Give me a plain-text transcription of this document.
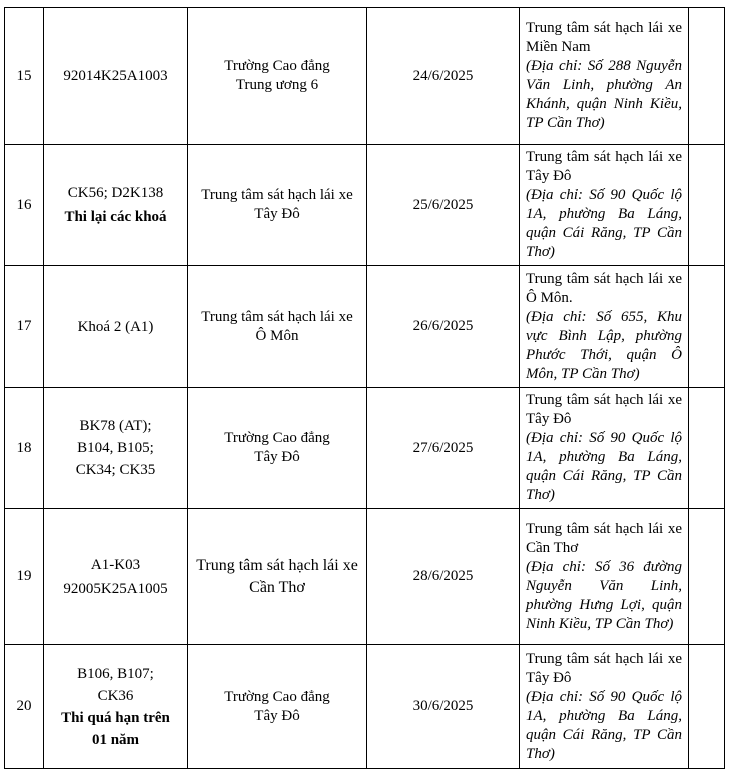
15	92014K25A1003	Trường Cao đẳng Trung ương 6	24/6/2025	Trung tâm sát hạch lái xe Miền Nam
(Địa chỉ: Số 288 Nguyễn Văn Linh, phường An Khánh, quận Ninh Kiều, TP Cần Thơ)	

16	CK56; D2K138
Thi lại các khoá	Trung tâm sát hạch lái xe Tây Đô	25/6/2025	Trung tâm sát hạch lái xe Tây Đô
(Địa chỉ: Số 90 Quốc lộ 1A, phường Ba Láng, quận Cái Răng, TP Cần Thơ)	

17	Khoá 2 (A1)	Trung tâm sát hạch lái xe Ô Môn	26/6/2025	Trung tâm sát hạch lái xe Ô Môn.
(Địa chỉ: Số 655, Khu vực Bình Lập, phường Phước Thới, quận Ô Môn, TP Cần Thơ)	

18	BK78 (AT);
B104, B105;
CK34; CK35	Trường Cao đẳng Tây Đô	27/6/2025	Trung tâm sát hạch lái xe Tây Đô
(Địa chỉ: Số 90 Quốc lộ 1A, phường Ba Láng, quận Cái Răng, TP Cần Thơ)	

19	A1-K03
92005K25A1005	Trung tâm sát hạch lái xe Cần Thơ	28/6/2025	Trung tâm sát hạch lái xe Cần Thơ
(Địa chỉ: Số 36 đường Nguyễn Văn Linh, phường Hưng Lợi, quận Ninh Kiều, TP Cần Thơ)	

20	B106, B107;
CK36
Thi quá hạn trên
01 năm	Trường Cao đẳng Tây Đô	30/6/2025	Trung tâm sát hạch lái xe Tây Đô
(Địa chỉ: Số 90 Quốc lộ 1A, phường Ba Láng, quận Cái Răng, TP Cần Thơ)	
